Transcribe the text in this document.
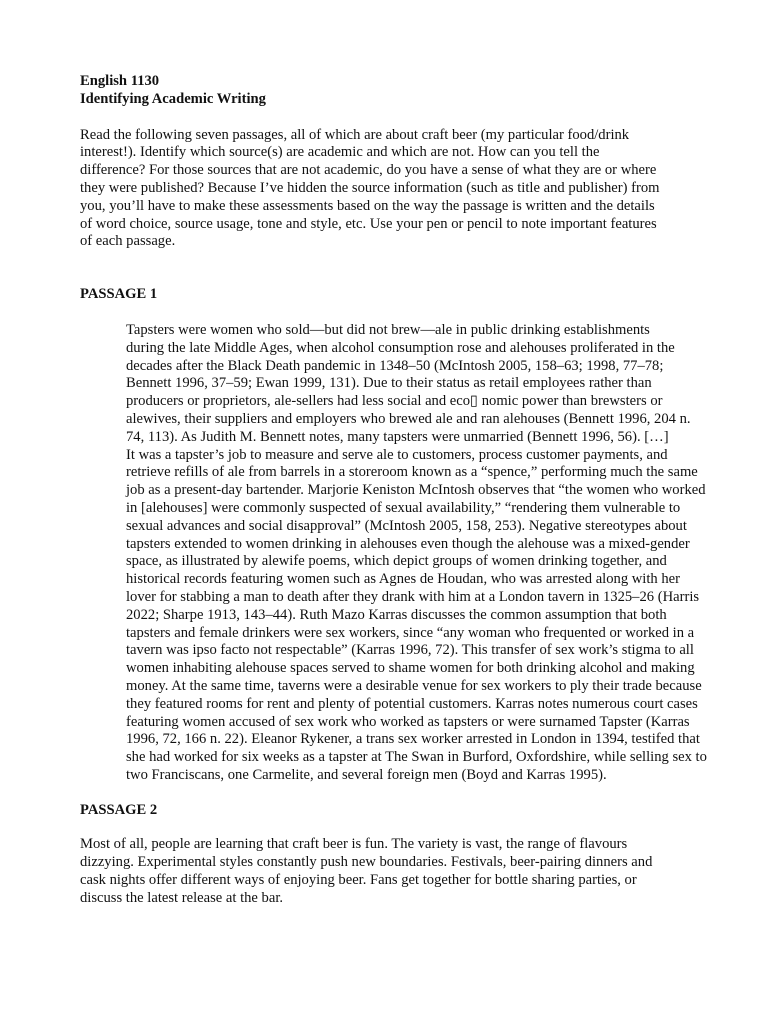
English 1130

Identifying Academic Writing

Read the following seven passages, all of which are about craft beer (my particular food/drink
interest!). Identify which source(s) are academic and which are not. How can you tell the
difference? For those sources that are not academic, do you have a sense of what they are or where
they were published? Because I’ve hidden the source information (such as title and publisher) from
you, you’ll have to make these assessments based on the way the passage is written and the details
of word choice, source usage, tone and style, etc. Use your pen or pencil to note important features
of each passage.

PASSAGE 1

Tapsters were women who sold—but did not brew—ale in public drinking establishments
during the late Middle Ages, when alcohol consumption rose and alehouses proliferated in the
decades after the Black Death pandemic in 1348–50 (McIntosh 2005, 158–63; 1998, 77–78;
Bennett 1996, 37–59; Ewan 1999, 131). Due to their status as retail employees rather than
producers or proprietors, ale-sellers had less social and eco▯ nomic power than brewsters or
alewives, their suppliers and employers who brewed ale and ran alehouses (Bennett 1996, 204 n.
74, 113). As Judith M. Bennett notes, many tapsters were unmarried (Bennett 1996, 56). […]

It was a tapster’s job to measure and serve ale to customers, process customer payments, and
retrieve refills of ale from barrels in a storeroom known as a “spence,” performing much the same
job as a present-day bartender. Marjorie Keniston McIntosh observes that “the women who worked
in [alehouses] were commonly suspected of sexual availability,” “rendering them vulnerable to
sexual advances and social disapproval” (McIntosh 2005, 158, 253). Negative stereotypes about
tapsters extended to women drinking in alehouses even though the alehouse was a mixed-gender
space, as illustrated by alewife poems, which depict groups of women drinking together, and
historical records featuring women such as Agnes de Houdan, who was arrested along with her
lover for stabbing a man to death after they drank with him at a London tavern in 1325–26 (Harris
2022; Sharpe 1913, 143–44). Ruth Mazo Karras discusses the common assumption that both
tapsters and female drinkers were sex workers, since “any woman who frequented or worked in a
tavern was ipso facto not respectable” (Karras 1996, 72). This transfer of sex work’s stigma to all
women inhabiting alehouse spaces served to shame women for both drinking alcohol and making
money. At the same time, taverns were a desirable venue for sex workers to ply their trade because
they featured rooms for rent and plenty of potential customers. Karras notes numerous court cases
featuring women accused of sex work who worked as tapsters or were surnamed Tapster (Karras
1996, 72, 166 n. 22). Eleanor Rykener, a trans sex worker arrested in London in 1394, testifed that
she had worked for six weeks as a tapster at The Swan in Burford, Oxfordshire, while selling sex to
two Franciscans, one Carmelite, and several foreign men (Boyd and Karras 1995).

PASSAGE 2

Most of all, people are learning that craft beer is fun. The variety is vast, the range of flavours
dizzying. Experimental styles constantly push new boundaries. Festivals, beer-pairing dinners and
cask nights offer different ways of enjoying beer. Fans get together for bottle sharing parties, or
discuss the latest release at the bar.
